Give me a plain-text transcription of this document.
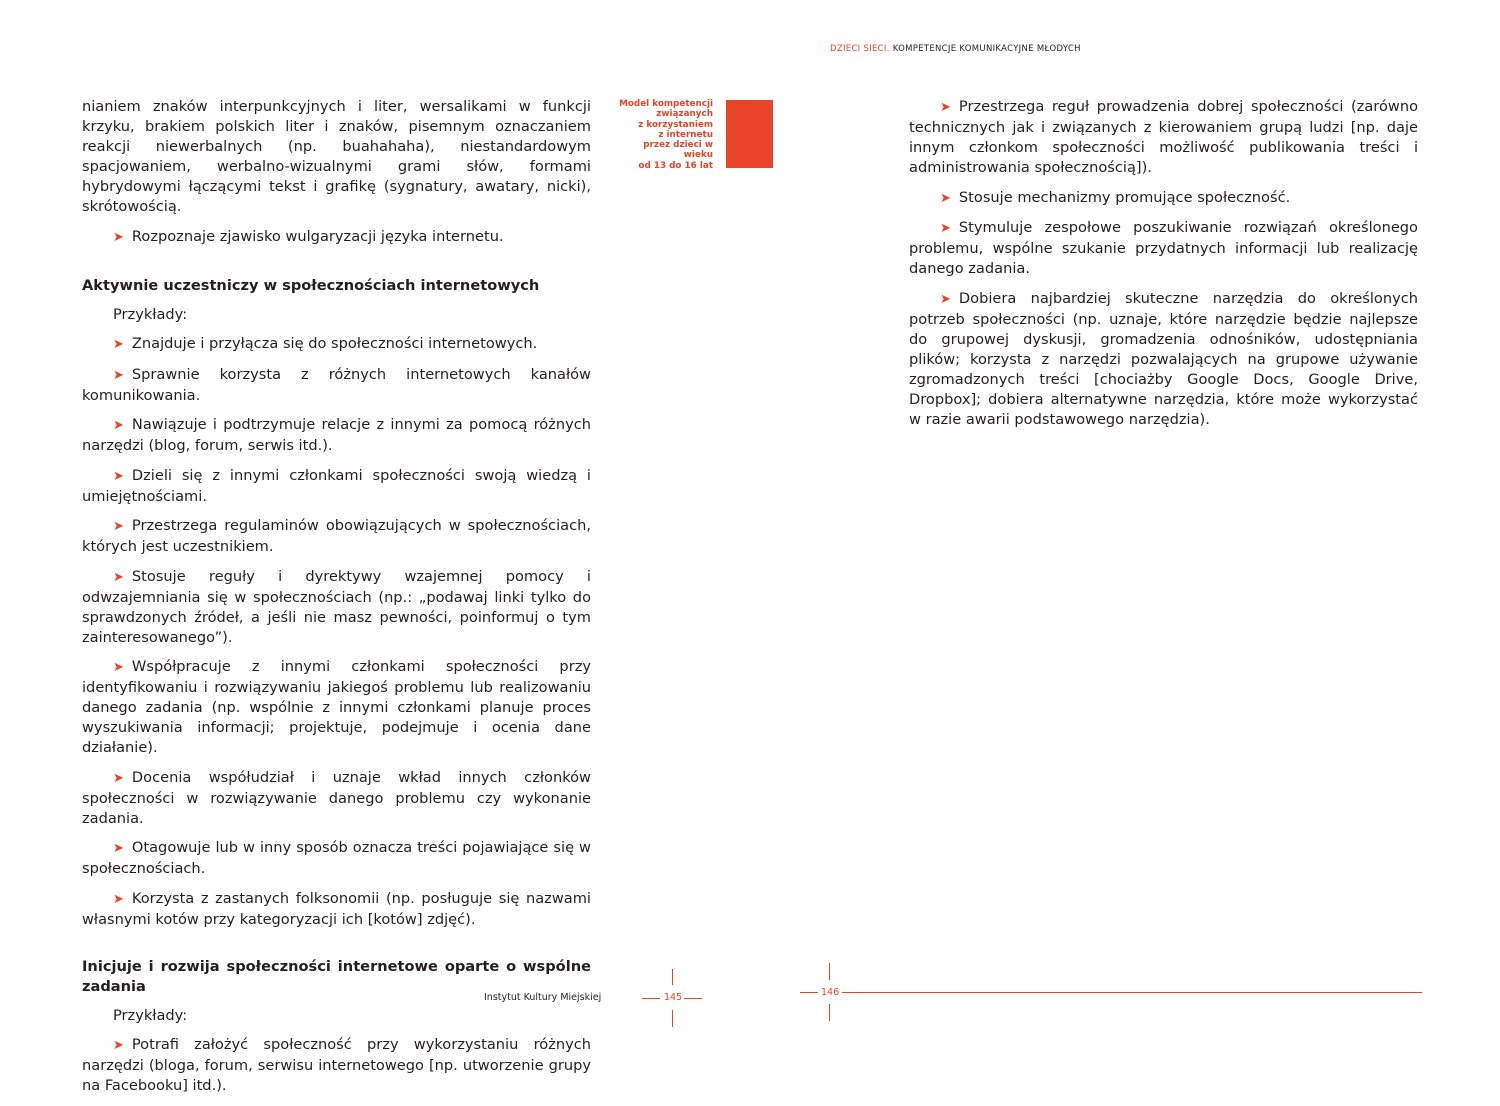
DZIECI SIECI. KOMPETENCJE KOMUNIKACYJNE MŁODYCH

nianiem znaków interpunkcyjnych i liter, wersalikami w funkcji krzyku, brakiem polskich liter i znaków, pisemnym oznaczaniem reakcji niewerbalnych (np. buahahaha), niestandardowym spacjowaniem, werbalno-wizualnymi grami słów, formami hybrydowymi łączącymi tekst i grafikę (sygnatury, awatary, nicki), skrótowością.

➤ Rozpoznaje zjawisko wulgaryzacji języka internetu.

Aktywnie uczestniczy w społecznościach internetowych
Przykłady:

➤ Znajduje i przyłącza się do społeczności internetowych.

➤ Sprawnie korzysta z różnych internetowych kanałów komunikowania.

➤ Nawiązuje i podtrzymuje relacje z innymi za pomocą różnych narzędzi (blog, forum, serwis itd.).

➤ Dzieli się z innymi członkami społeczności swoją wiedzą i umiejętnościami.

➤ Przestrzega regulaminów obowiązujących w społecznościach, których jest uczestnikiem.

➤ Stosuje reguły i dyrektywy wzajemnej pomocy i odwzajemniania się w społecznościach (np.: „podawaj linki tylko do sprawdzonych źródeł, a jeśli nie masz pewności, poinformuj o tym zainteresowanego”).

➤ Współpracuje z innymi członkami społeczności przy identyfikowaniu i rozwiązywaniu jakiegoś problemu lub realizowaniu danego zadania (np. wspólnie z innymi członkami planuje proces wyszukiwania informacji; projektuje, podejmuje i ocenia dane działanie).

➤ Docenia współudział i uznaje wkład innych członków społeczności w rozwiązywanie danego problemu czy wykonanie zadania.

➤ Otagowuje lub w inny sposób oznacza treści pojawiające się w społecznościach.

➤ Korzysta z zastanych folksonomii (np. posługuje się nazwami własnymi kotów przy kategoryzacji ich [kotów] zdjęć).

Inicjuje i rozwija społeczności internetowe oparte o wspólne zadania
Przykłady:

➤ Potrafi założyć społeczność przy wykorzystaniu różnych narzędzi (bloga, forum, serwisu internetowego [np. utworzenie grupy na Facebooku] itd.).

Model kompetencji
związanych
z korzystaniem
z internetu
przez dzieci w wieku
od 13 do 16 lat

➤ Przestrzega reguł prowadzenia dobrej społeczności (zarówno technicznych jak i związanych z kierowaniem grupą ludzi [np. daje innym członkom społeczności możliwość publikowania treści i administrowania społecznością]).

➤ Stosuje mechanizmy promujące społeczność.

➤ Stymuluje zespołowe poszukiwanie rozwiązań określonego problemu, wspólne szukanie przydatnych informacji lub realizację danego zadania.

➤ Dobiera najbardziej skuteczne narzędzia do określonych potrzeb społeczności (np. uznaje, które narzędzie będzie najlepsze do grupowej dyskusji, gromadzenia odnośników, udostępniania plików; korzysta z narzędzi pozwalających na grupowe używanie zgromadzonych treści [chociażby Google Docs, Google Drive, Dropbox]; dobiera alternatywne narzędzia, które może wykorzystać w razie awarii podstawowego narzędzia).

Instytut Kultury Miejskiej	145	146
